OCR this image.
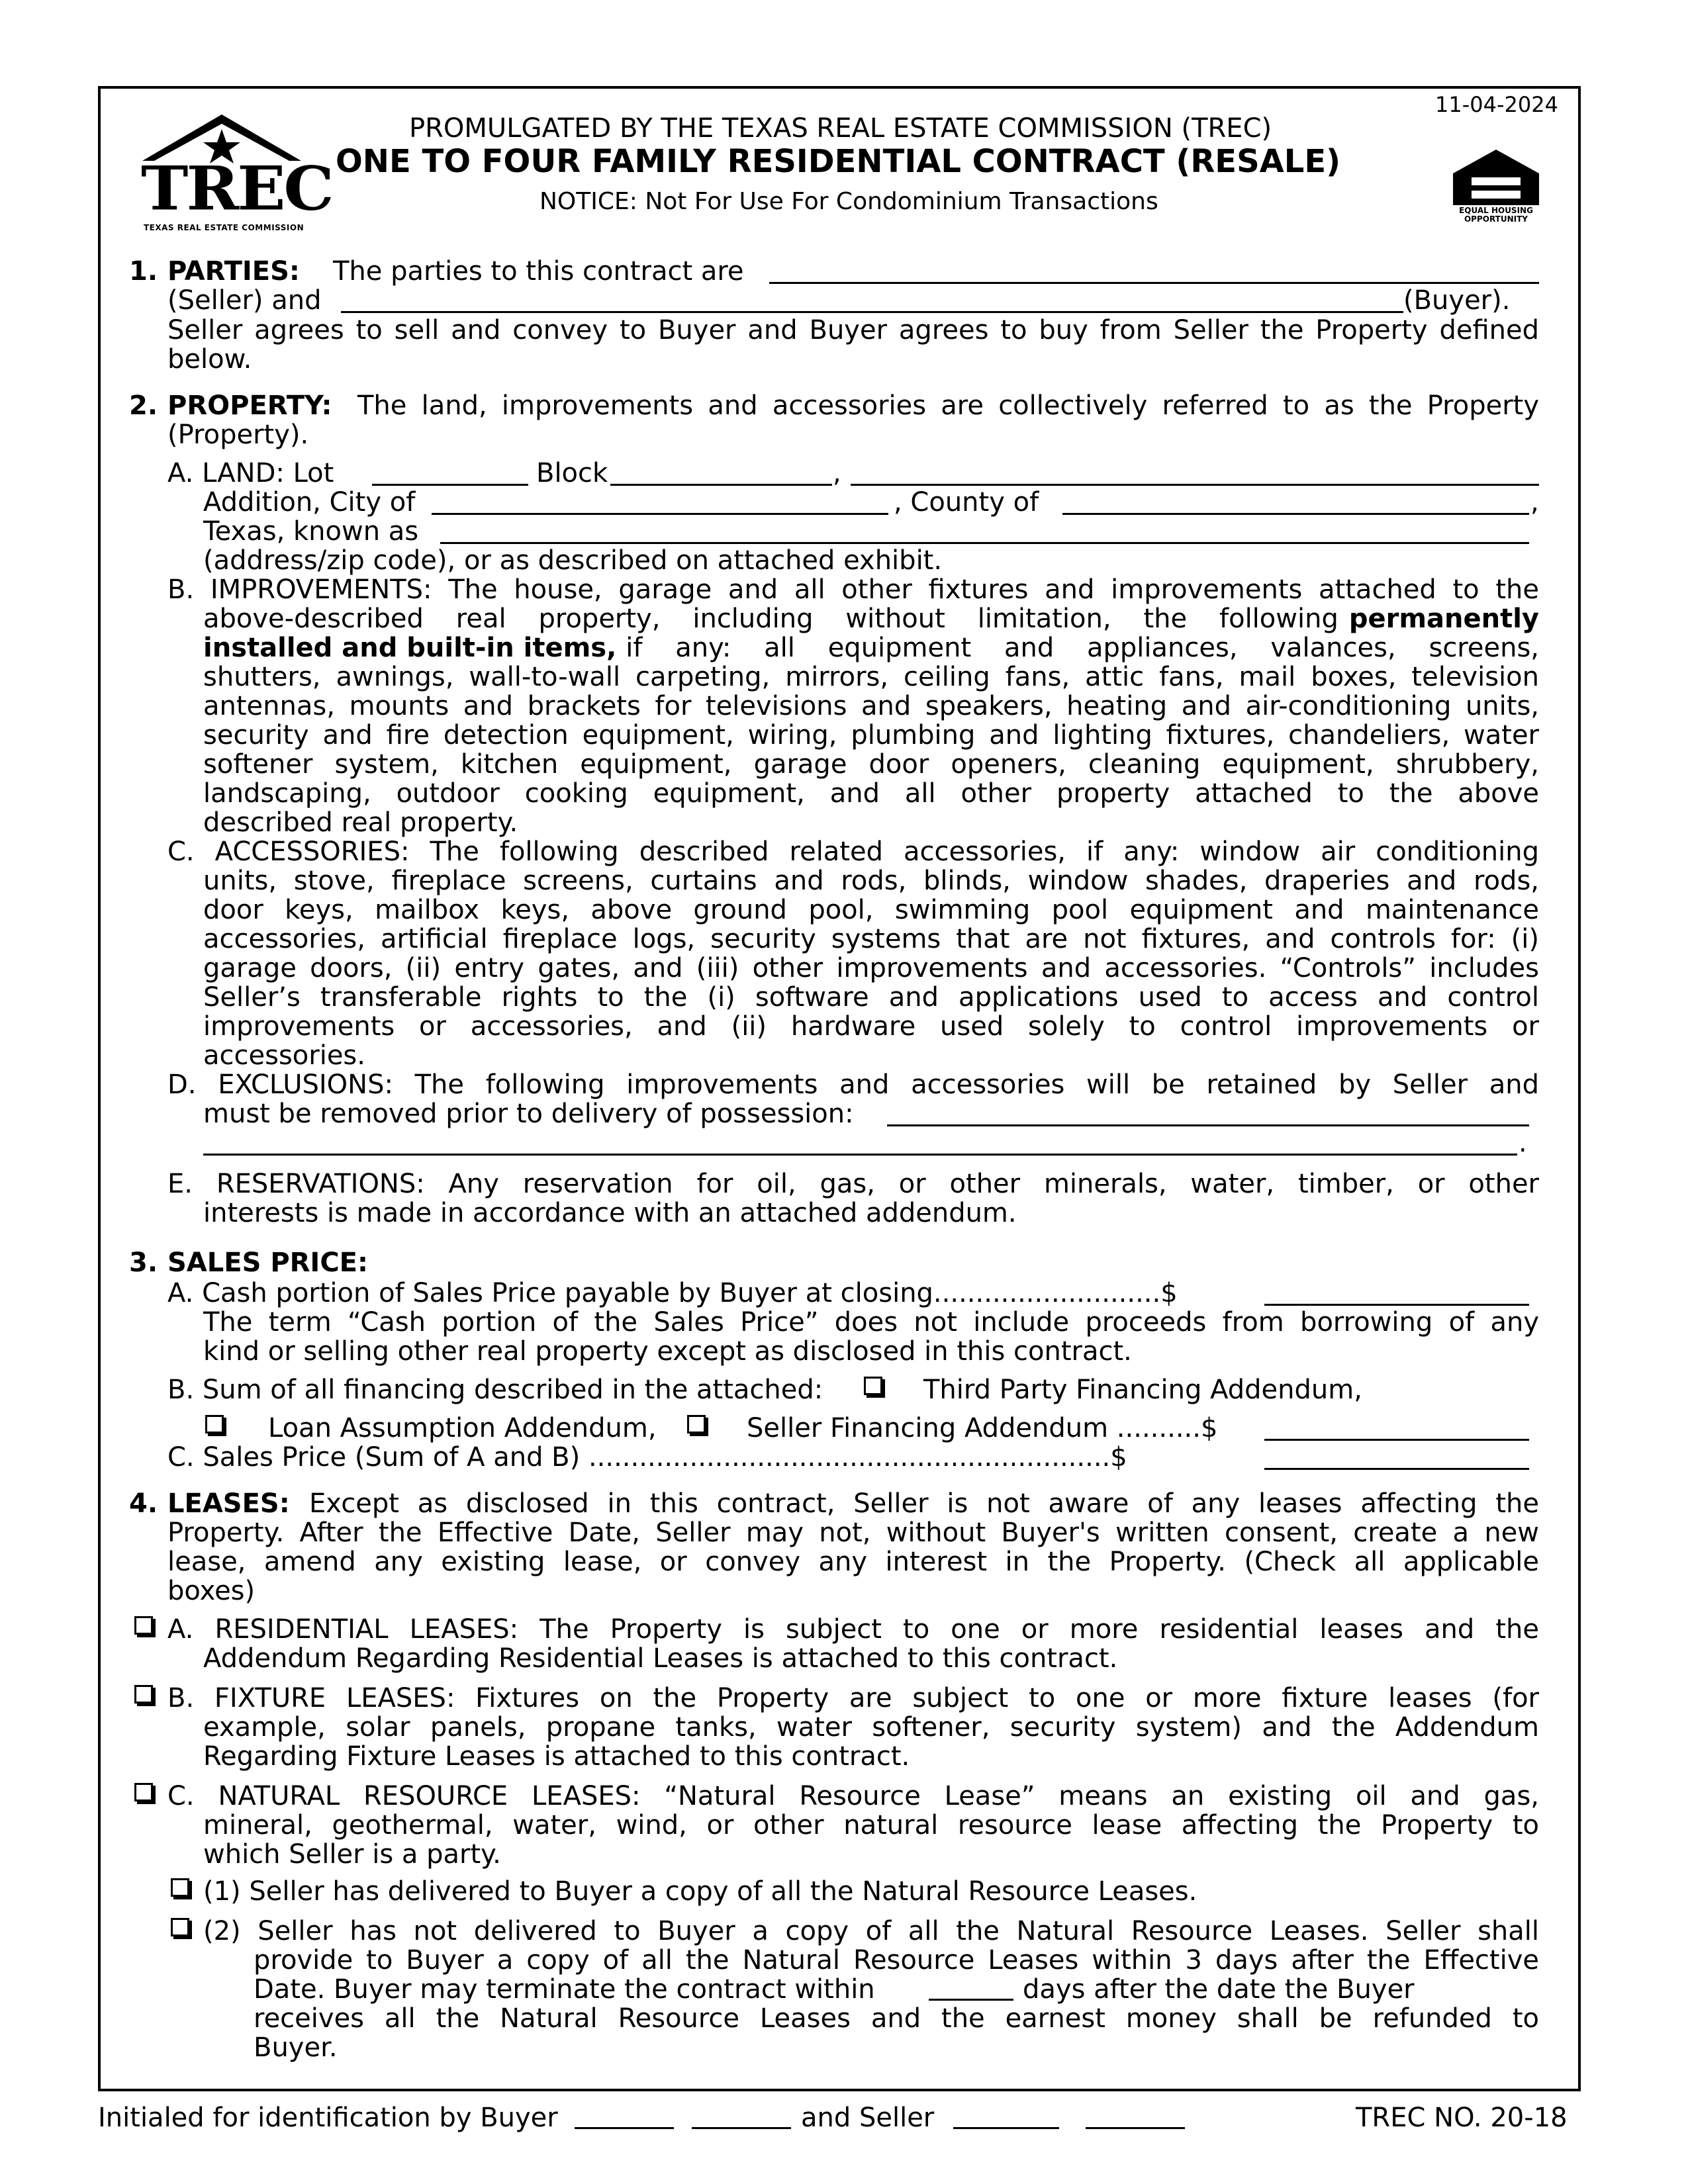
TREC
TEXAS REAL ESTATE COMMISSION
11-04-2024
PROMULGATED BY THE TEXAS REAL ESTATE COMMISSION (TREC)
ONE TO FOUR FAMILY RESIDENTIAL CONTRACT (RESALE)
NOTICE: Not For Use For Condominium Transactions	EQUAL HOUSING OPPORTUNITY
1. PARTIES: The parties to this contract are
(Seller) and	(Buyer).
Seller agrees to sell and convey to Buyer and Buyer agrees to buy from Seller the Property defined
below.
2. PROPERTY: The land, improvements and accessories are collectively referred to as the Property
(Property).
A. LAND: Lot	Block	,
Addition, City of	, County of	,
Texas, known as
(address/zip code), or as described on attached exhibit.
B. IMPROVEMENTS: The house, garage and all other fixtures and improvements attached to the
above-described real property, including without limitation, the following permanently
installed and built-in items, if any: all equipment and appliances, valances, screens,
shutters, awnings, wall-to-wall carpeting, mirrors, ceiling fans, attic fans, mail boxes, television
antennas, mounts and brackets for televisions and speakers, heating and air-conditioning units,
security and fire detection equipment, wiring, plumbing and lighting fixtures, chandeliers, water
softener system, kitchen equipment, garage door openers, cleaning equipment, shrubbery,
landscaping, outdoor cooking equipment, and all other property attached to the above
described real property.
C. ACCESSORIES: The following described related accessories, if any: window air conditioning
units, stove, fireplace screens, curtains and rods, blinds, window shades, draperies and rods,
door keys, mailbox keys, above ground pool, swimming pool equipment and maintenance
accessories, artificial fireplace logs, security systems that are not fixtures, and controls for: (i)
garage doors, (ii) entry gates, and (iii) other improvements and accessories. “Controls” includes
Seller’s transferable rights to the (i) software and applications used to access and control
improvements or accessories, and (ii) hardware used solely to control improvements or
accessories.
D. EXCLUSIONS: The following improvements and accessories will be retained by Seller and
must be removed prior to delivery of possession:
.
E. RESERVATIONS: Any reservation for oil, gas, or other minerals, water, timber, or other
interests is made in accordance with an attached addendum.
3. SALES PRICE:
A. Cash portion of Sales Price payable by Buyer at closing...........................$
The term “Cash portion of the Sales Price” does not include proceeds from borrowing of any
kind or selling other real property except as disclosed in this contract.
B. Sum of all financing described in the attached:	Third Party Financing Addendum,
Loan Assumption Addendum,	Seller Financing Addendum ..........$
C. Sales Price (Sum of A and B) ..............................................................$
4. LEASES: Except as disclosed in this contract, Seller is not aware of any leases affecting the
Property. After the Effective Date, Seller may not, without Buyer's written consent, create a new
lease, amend any existing lease, or convey any interest in the Property. (Check all applicable
boxes)
A. RESIDENTIAL LEASES: The Property is subject to one or more residential leases and the
Addendum Regarding Residential Leases is attached to this contract.
B. FIXTURE LEASES: Fixtures on the Property are subject to one or more fixture leases (for
example, solar panels, propane tanks, water softener, security system) and the Addendum
Regarding Fixture Leases is attached to this contract.
C. NATURAL RESOURCE LEASES: “Natural Resource Lease” means an existing oil and gas,
mineral, geothermal, water, wind, or other natural resource lease affecting the Property to
which Seller is a party.
(1) Seller has delivered to Buyer a copy of all the Natural Resource Leases.
(2) Seller has not delivered to Buyer a copy of all the Natural Resource Leases. Seller shall
provide to Buyer a copy of all the Natural Resource Leases within 3 days after the Effective
Date. Buyer may terminate the contract within	days after the date the Buyer
receives all the Natural Resource Leases and the earnest money shall be refunded to
Buyer.
Initialed for identification by Buyer	and Seller	TREC NO. 20-18
